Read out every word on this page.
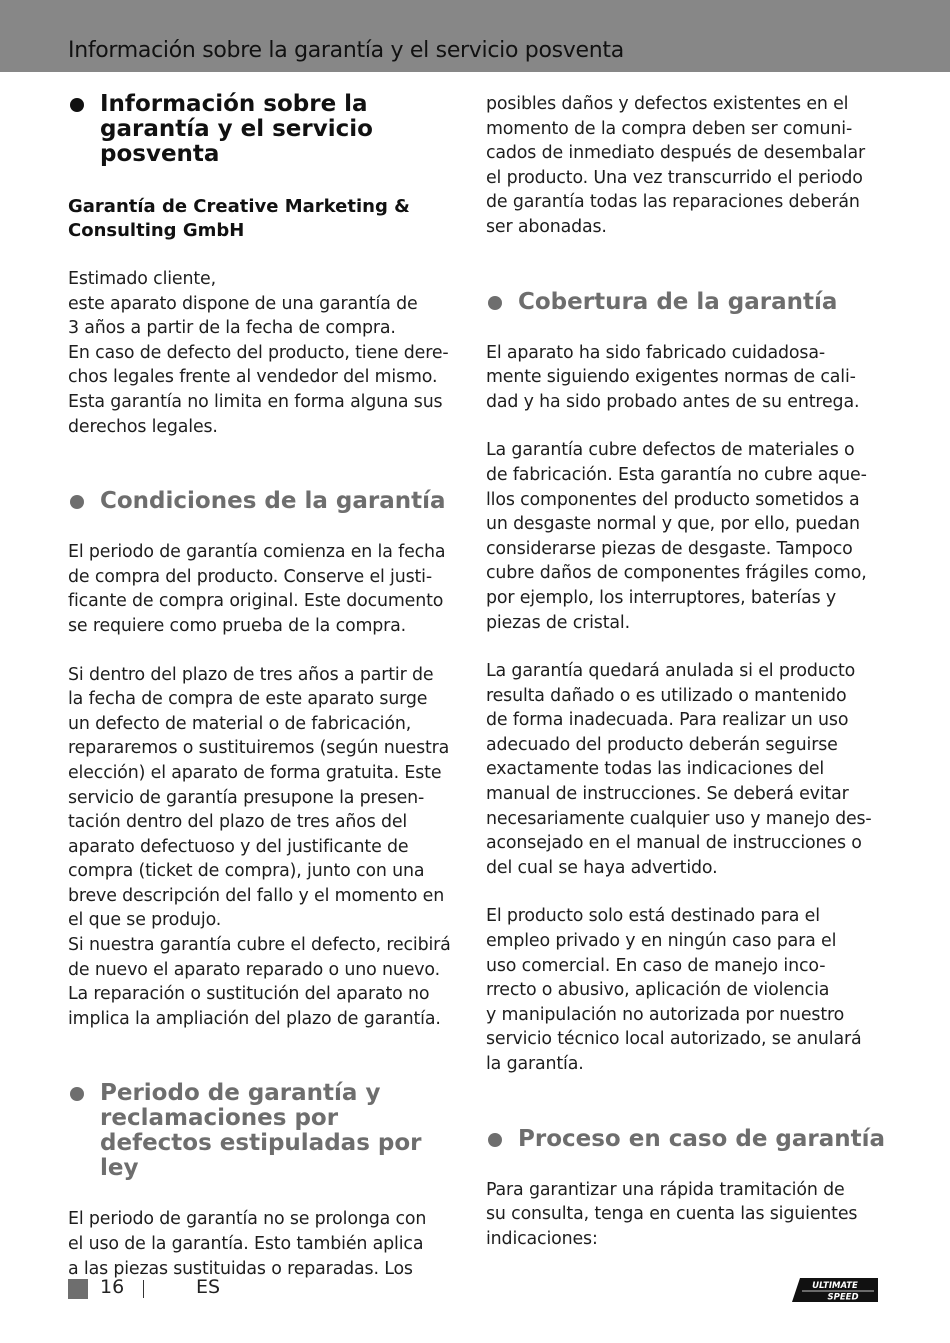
Información sobre la garantía y el servicio posventa
Información sobre la garantía y el servicio posventa
Garantía de Creative Marketing & Consulting GmbH

Estimado cliente,
este aparato dispone de una garantía de
3 años a partir de la fecha de compra.
En caso de defecto del producto, tiene dere-
chos legales frente al vendedor del mismo.
Esta garantía no limita en forma alguna sus
derechos legales.

Condiciones de la garantía

El periodo de garantía comienza en la fecha
de compra del producto. Conserve el justi-
ficante de compra original. Este documento
se requiere como prueba de la compra.

Si dentro del plazo de tres años a partir de
la fecha de compra de este aparato surge
un defecto de material o de fabricación,
repararemos o sustituiremos (según nuestra
elección) el aparato de forma gratuita. Este
servicio de garantía presupone la presen-
tación dentro del plazo de tres años del
aparato defectuoso y del justificante de
compra (ticket de compra), junto con una
breve descripción del fallo y el momento en
el que se produjo.
Si nuestra garantía cubre el defecto, recibirá
de nuevo el aparato reparado o uno nuevo.
La reparación o sustitución del aparato no
implica la ampliación del plazo de garantía.

Periodo de garantía y reclamaciones por defectos estipuladas por ley

El periodo de garantía no se prolonga con
el uso de la garantía. Esto también aplica
a las piezas sustituidas o reparadas. Los

posibles daños y defectos existentes en el
momento de la compra deben ser comuni-
cados de inmediato después de desembalar
el producto. Una vez transcurrido el periodo
de garantía todas las reparaciones deberán
ser abonadas.

Cobertura de la garantía

El aparato ha sido fabricado cuidadosa-
mente siguiendo exigentes normas de cali-
dad y ha sido probado antes de su entrega.

La garantía cubre defectos de materiales o
de fabricación. Esta garantía no cubre aque-
llos componentes del producto sometidos a
un desgaste normal y que, por ello, puedan
considerarse piezas de desgaste. Tampoco
cubre daños de componentes frágiles como,
por ejemplo, los interruptores, baterías y
piezas de cristal.

La garantía quedará anulada si el producto
resulta dañado o es utilizado o mantenido
de forma inadecuada. Para realizar un uso
adecuado del producto deberán seguirse
exactamente todas las indicaciones del
manual de instrucciones. Se deberá evitar
necesariamente cualquier uso y manejo des-
aconsejado en el manual de instrucciones o
del cual se haya advertido.

El producto solo está destinado para el
empleo privado y en ningún caso para el
uso comercial. En caso de manejo inco-
rrecto o abusivo, aplicación de violencia
y manipulación no autorizada por nuestro
servicio técnico local autorizado, se anulará
la garantía.

Proceso en caso de garantía

Para garantizar una rápida tramitación de
su consulta, tenga en cuenta las siguientes
indicaciones:

16	ES	ULTIMATE
SPEED
